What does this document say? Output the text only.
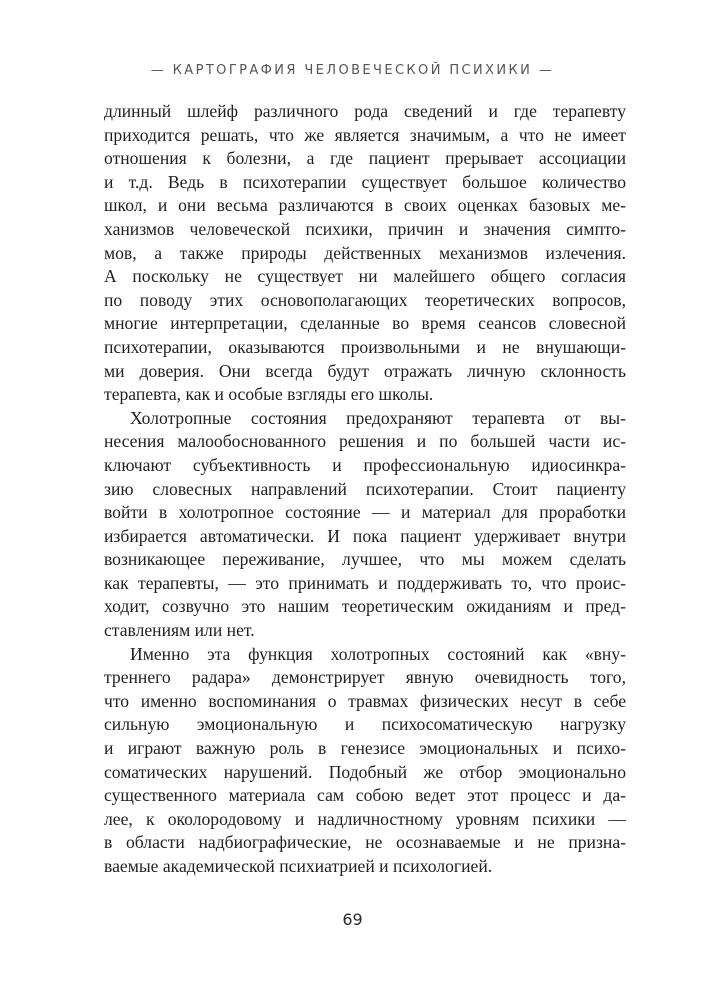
— КАРТОГРАФИЯ ЧЕЛОВЕЧЕСКОЙ ПСИХИКИ —
длинный шлейф различного рода сведений и где терапевту
приходится решать, что же является значимым, а что не имеет
отношения к болезни, а где пациент прерывает ассоциации
и т.д. Ведь в психотерапии существует большое количество
школ, и они весьма различаются в своих оценках базовых ме-
ханизмов человеческой психики, причин и значения симпто-
мов, а также природы действенных механизмов излечения.
А поскольку не существует ни малейшего общего согласия
по поводу этих основополагающих теоретических вопросов,
многие интерпретации, сделанные во время сеансов словесной
психотерапии, оказываются произвольными и не внушающи-
ми доверия. Они всегда будут отражать личную склонность
терапевта, как и особые взгляды его школы.
Холотропные состояния предохраняют терапевта от вы-
несения малообоснованного решения и по большей части ис-
ключают субъективность и профессиональную идиосинкра-
зию словесных направлений психотерапии. Стоит пациенту
войти в холотропное состояние — и материал для проработки
избирается автоматически. И пока пациент удерживает внутри
возникающее переживание, лучшее, что мы можем сделать
как терапевты, — это принимать и поддерживать то, что проис-
ходит, созвучно это нашим теоретическим ожиданиям и пред-
ставлениям или нет.
Именно эта функция холотропных состояний как «вну-
треннего радара» демонстрирует явную очевидность того,
что именно воспоминания о травмах физических несут в себе
сильную эмоциональную и психосоматическую нагрузку
и играют важную роль в генезисе эмоциональных и психо-
соматических нарушений. Подобный же отбор эмоционально
существенного материала сам собою ведет этот процесс и да-
лее, к околородовому и надличностному уровням психики —
в области надбиографические, не осознаваемые и не призна-
ваемые академической психиатрией и психологией.
69
